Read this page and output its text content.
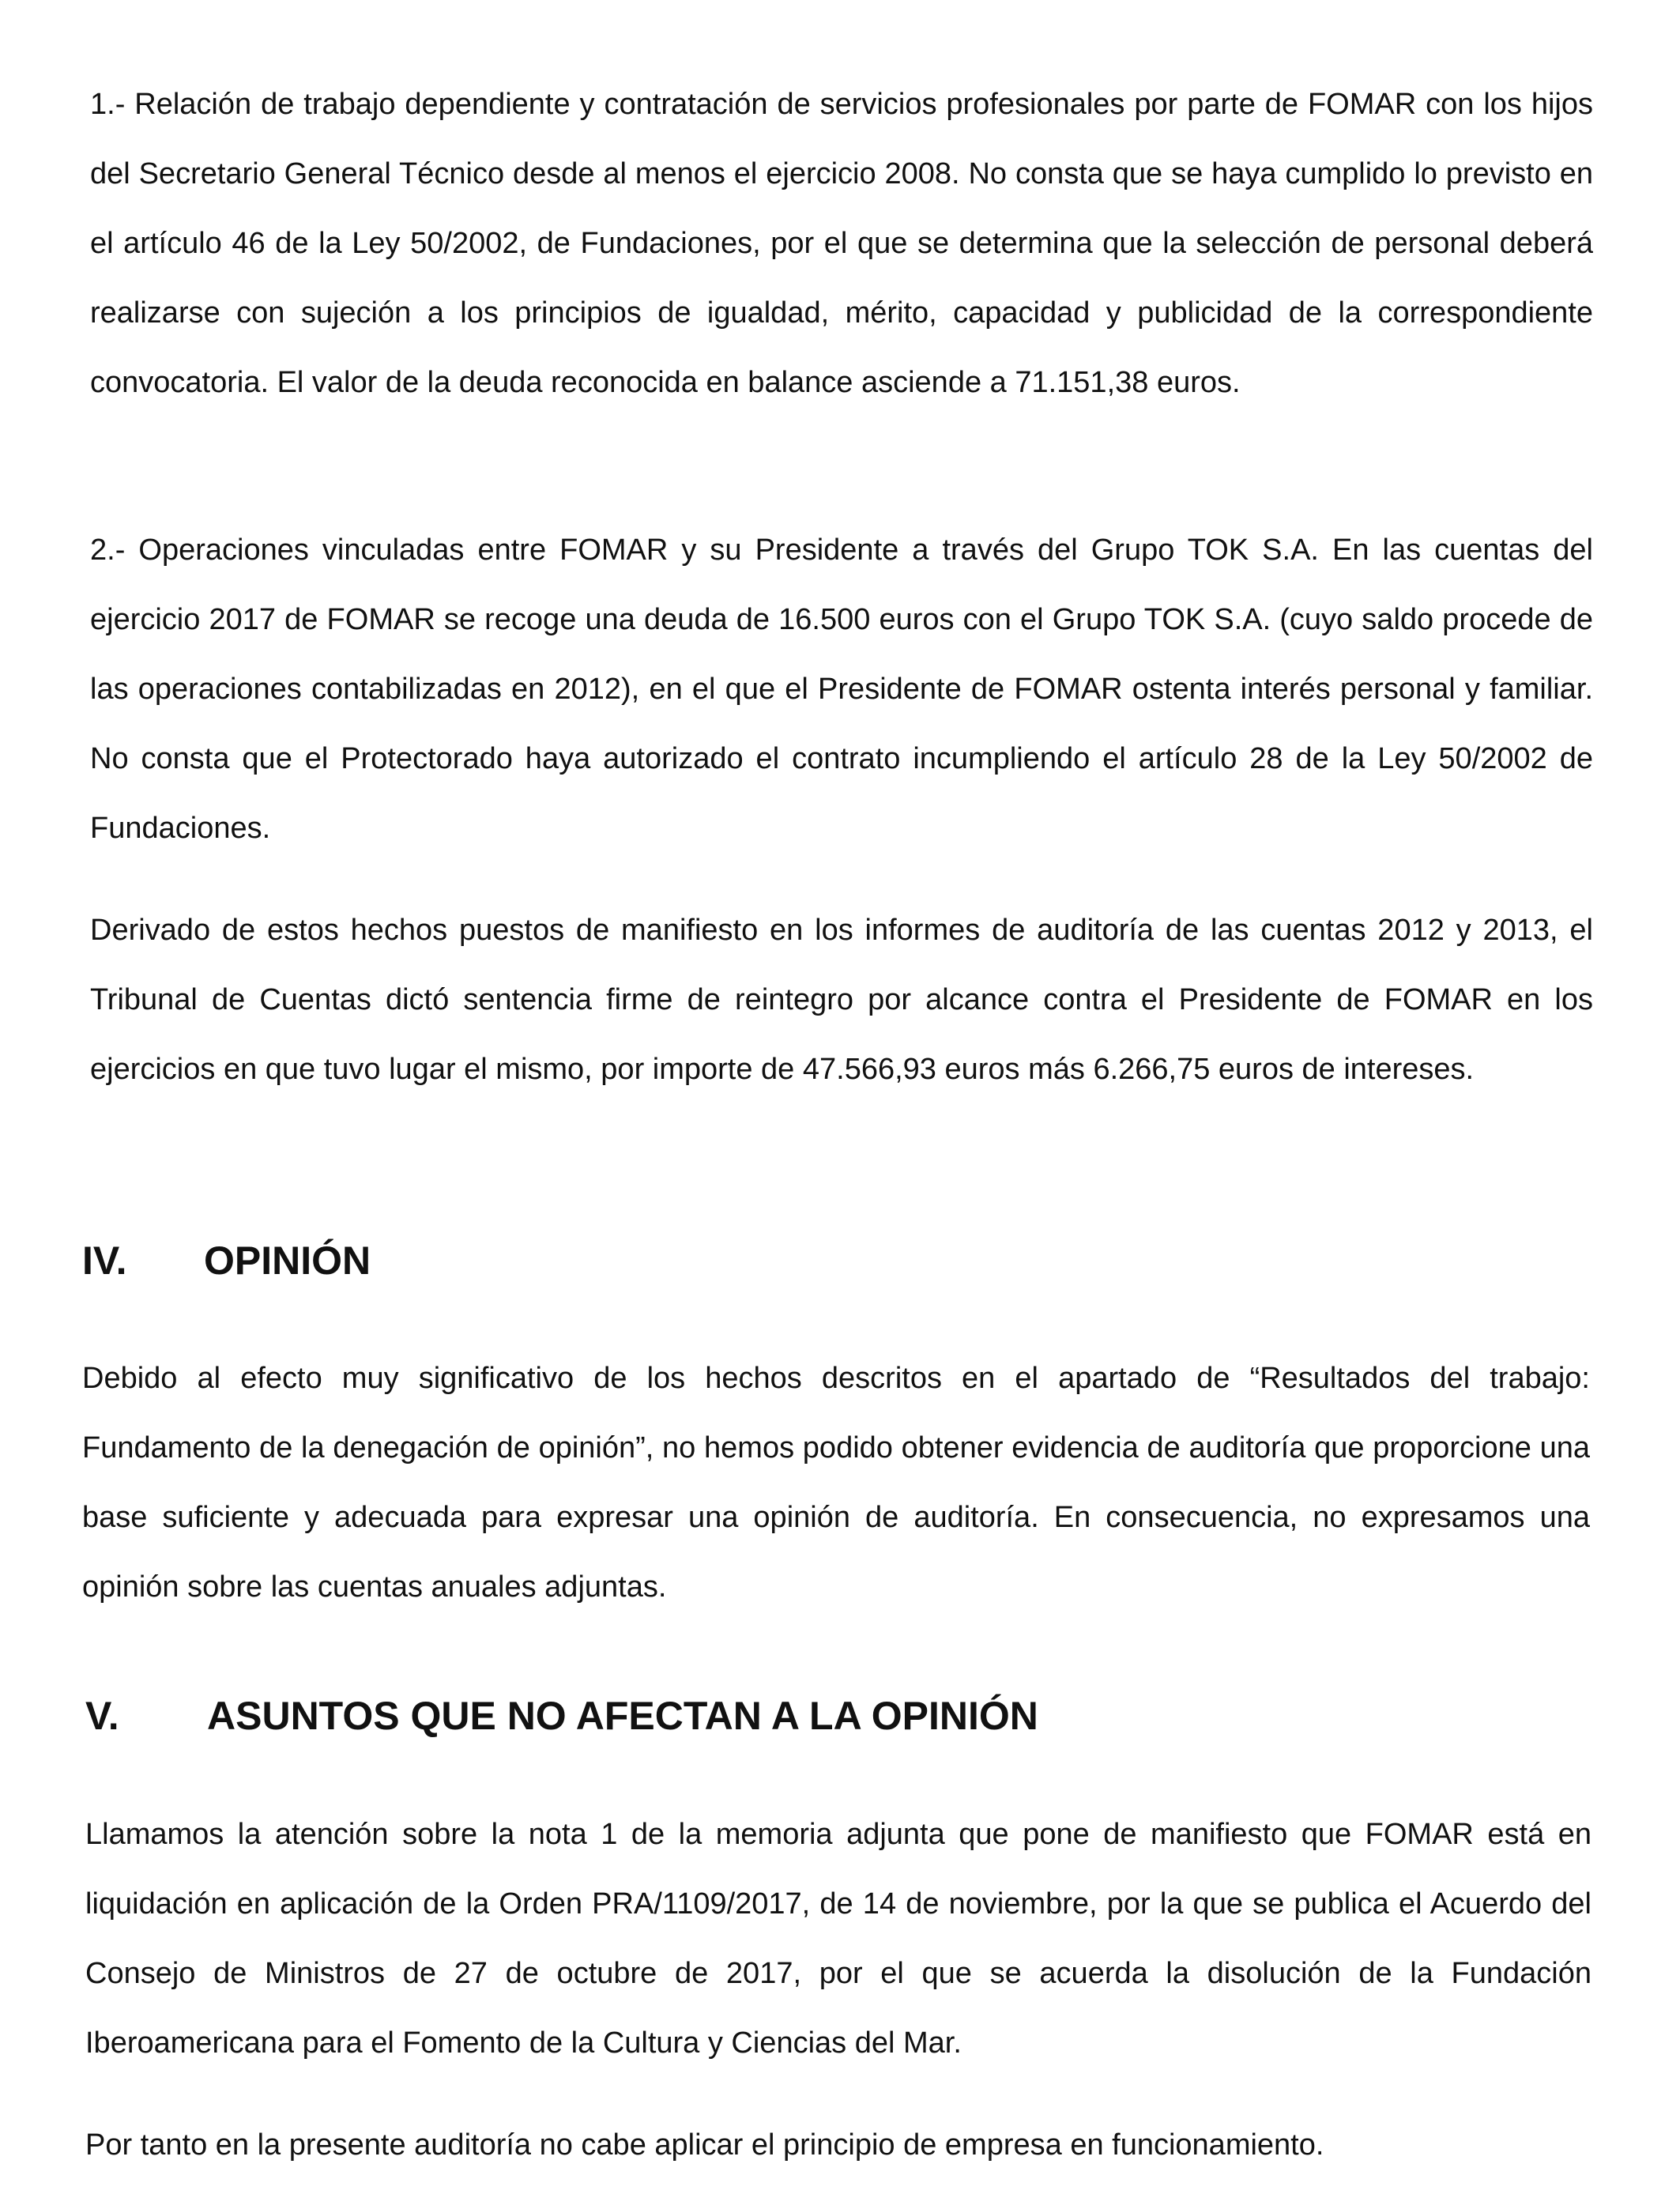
1.- Relación de trabajo dependiente y contratación de servicios profesionales por parte de FOMAR con los hijos del Secretario General Técnico desde al menos el ejercicio 2008. No consta que se haya cumplido lo previsto en el artículo 46 de la Ley 50/2002, de Fundaciones, por el que se determina que la selección de personal deberá realizarse con sujeción a los principios de igualdad, mérito, capacidad y publicidad de la correspondiente convocatoria. El valor de la deuda reconocida en balance asciende a 71.151,38 euros.

2.- Operaciones vinculadas entre FOMAR y su Presidente a través del Grupo TOK S.A. En las cuentas del ejercicio 2017 de FOMAR se recoge una deuda de 16.500 euros con el Grupo TOK S.A. (cuyo saldo procede de las operaciones contabilizadas en 2012), en el que el Presidente de FOMAR ostenta interés personal y familiar. No consta que el Protectorado haya autorizado el contrato incumpliendo el artículo 28 de la Ley 50/2002 de Fundaciones.

Derivado de estos hechos puestos de manifiesto en los informes de auditoría de las cuentas 2012 y 2013, el Tribunal de Cuentas dictó sentencia firme de reintegro por alcance contra el Presidente de FOMAR en los ejercicios en que tuvo lugar el mismo, por importe de 47.566,93 euros más 6.266,75 euros de intereses.

IV. OPINIÓN

Debido al efecto muy significativo de los hechos descritos en el apartado de “Resultados del trabajo: Fundamento de la denegación de opinión”, no hemos podido obtener evidencia de auditoría que proporcione una base suficiente y adecuada para expresar una opinión de auditoría. En consecuencia, no expresamos una opinión sobre las cuentas anuales adjuntas.

V. ASUNTOS QUE NO AFECTAN A LA OPINIÓN

Llamamos la atención sobre la nota 1 de la memoria adjunta que pone de manifiesto que FOMAR está en liquidación en aplicación de la Orden PRA/1109/2017, de 14 de noviembre, por la que se publica el Acuerdo del Consejo de Ministros de 27 de octubre de 2017, por el que se acuerda la disolución de la Fundación Iberoamericana para el Fomento de la Cultura y Ciencias del Mar.

Por tanto en la presente auditoría no cabe aplicar el principio de empresa en funcionamiento.
